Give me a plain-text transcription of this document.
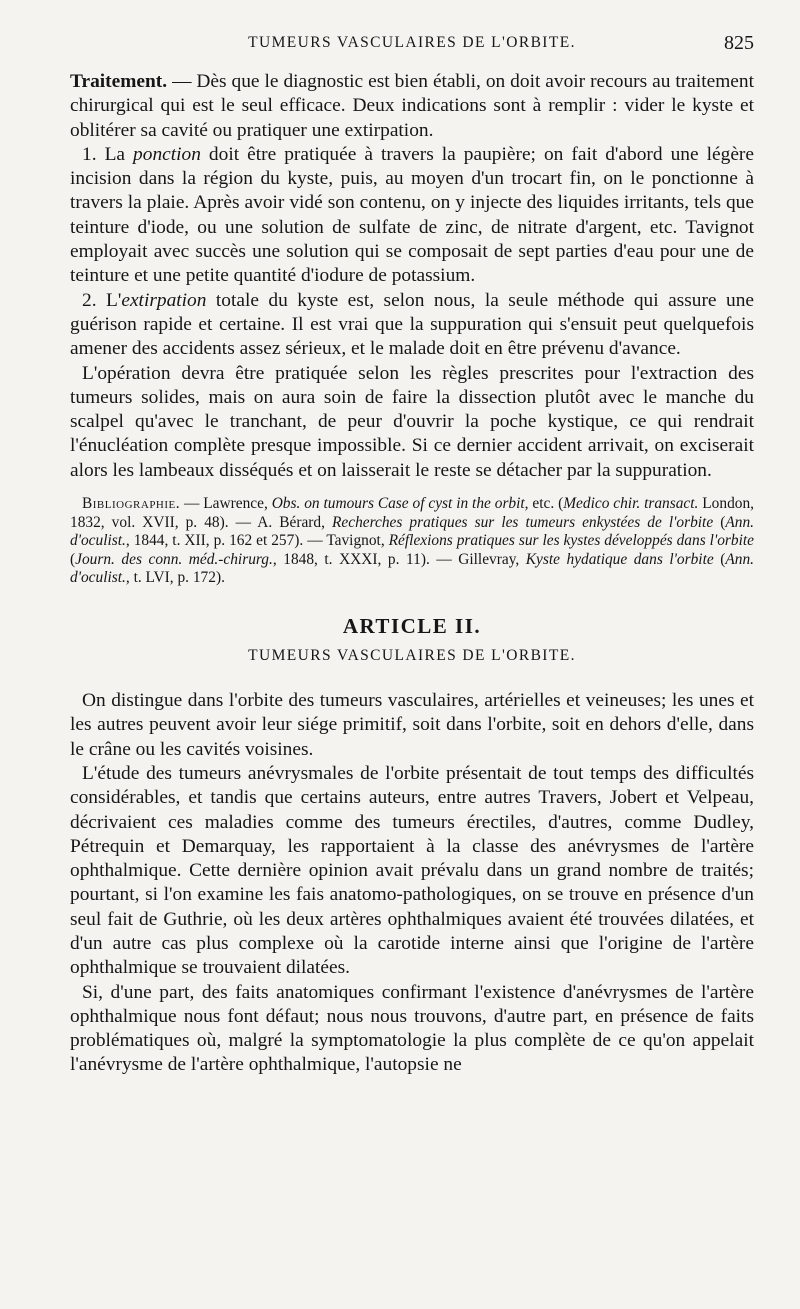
TUMEURS VASCULAIRES DE L'ORBITE.	825

Traitement. — Dès que le diagnostic est bien établi, on doit avoir recours au traitement chirurgical qui est le seul efficace. Deux indications sont à remplir : vider le kyste et oblitérer sa cavité ou pratiquer une extirpation.

1. La ponction doit être pratiquée à travers la paupière; on fait d'abord une légère incision dans la région du kyste, puis, au moyen d'un trocart fin, on le ponctionne à travers la plaie. Après avoir vidé son contenu, on y injecte des liquides irritants, tels que teinture d'iode, ou une solution de sulfate de zinc, de nitrate d'argent, etc. Tavignot employait avec succès une solution qui se composait de sept parties d'eau pour une de teinture et une petite quantité d'iodure de potassium.

2. L'extirpation totale du kyste est, selon nous, la seule méthode qui assure une guérison rapide et certaine. Il est vrai que la suppuration qui s'ensuit peut quelquefois amener des accidents assez sérieux, et le malade doit en être prévenu d'avance.

L'opération devra être pratiquée selon les règles prescrites pour l'extraction des tumeurs solides, mais on aura soin de faire la dissection plutôt avec le manche du scalpel qu'avec le tranchant, de peur d'ouvrir la poche kystique, ce qui rendrait l'énucléation complète presque impossible. Si ce dernier accident arrivait, on exciserait alors les lambeaux disséqués et on laisserait le reste se détacher par la suppuration.

Bibliographie. — Lawrence, Obs. on tumours Case of cyst in the orbit, etc. (Medico chir. transact. London, 1832, vol. XVII, p. 48). — A. Bérard, Recherches pratiques sur les tumeurs enkystées de l'orbite (Ann. d'oculist., 1844, t. XII, p. 162 et 257). — Tavignot, Réflexions pratiques sur les kystes développés dans l'orbite (Journ. des conn. méd.-chirurg., 1848, t. XXXI, p. 11). — Gillevray, Kyste hydatique dans l'orbite (Ann. d'oculist., t. LVI, p. 172).

ARTICLE II.
TUMEURS VASCULAIRES DE L'ORBITE.

On distingue dans l'orbite des tumeurs vasculaires, artérielles et veineuses; les unes et les autres peuvent avoir leur siége primitif, soit dans l'orbite, soit en dehors d'elle, dans le crâne ou les cavités voisines.

L'étude des tumeurs anévrysmales de l'orbite présentait de tout temps des difficultés considérables, et tandis que certains auteurs, entre autres Travers, Jobert et Velpeau, décrivaient ces maladies comme des tumeurs érectiles, d'autres, comme Dudley, Pétrequin et Demarquay, les rapportaient à la classe des anévrysmes de l'artère ophthalmique. Cette dernière opinion avait prévalu dans un grand nombre de traités; pourtant, si l'on examine les fais anatomo-pathologiques, on se trouve en présence d'un seul fait de Guthrie, où les deux artères ophthalmiques avaient été trouvées dilatées, et d'un autre cas plus complexe où la carotide interne ainsi que l'origine de l'artère ophthalmique se trouvaient dilatées.

Si, d'une part, des faits anatomiques confirmant l'existence d'anévrysmes de l'artère ophthalmique nous font défaut; nous nous trouvons, d'autre part, en présence de faits problématiques où, malgré la symptomatologie la plus complète de ce qu'on appelait l'anévrysme de l'artère ophthalmique, l'autopsie ne
